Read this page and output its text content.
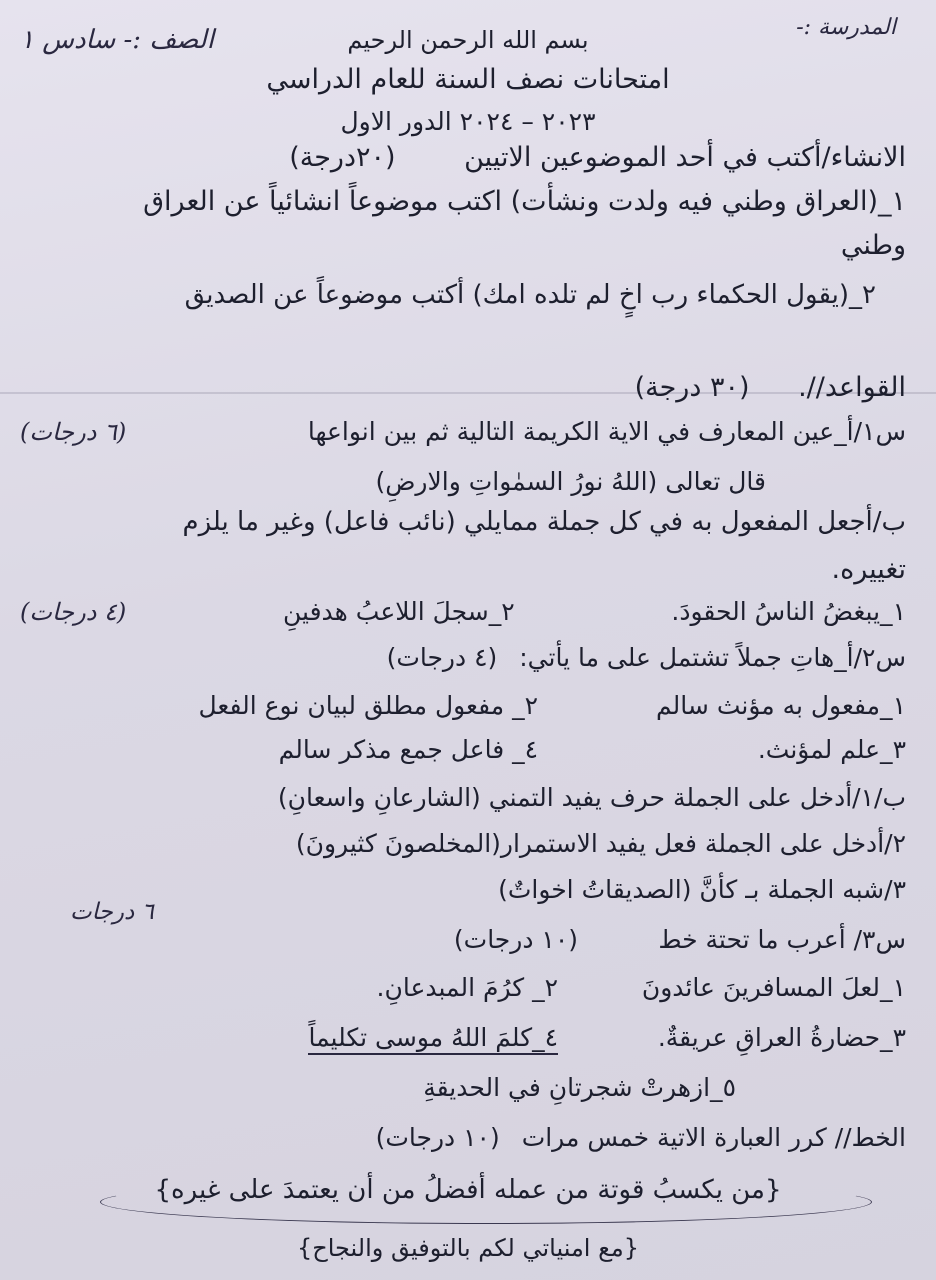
المدرسة :-
الصف :- سادس ١	بسم الله الرحمن الرحيم
امتحانات نصف السنة للعام الدراسي
٢٠٢٣ – ٢٠٢٤ الدور الاول
الانشاء/أكتب في أحد الموضوعين الاتيين (٢٠درجة)
١_(العراق وطني فيه ولدت ونشأت) اكتب موضوعاً انشائياً عن العراق
وطني
٢_(يقول الحكماء رب اخٍ لم تلده امك) أكتب موضوعاً عن الصديق
القواعد//. (٣٠ درجة)
س١/أ_عين المعارف في الاية الكريمة التالية ثم بين انواعها
(٦ درجات)
قال تعالى (اللهُ نورُ السمٰواتِ والارضِ)
ب/أجعل المفعول به في كل جملة ممايلي (نائب فاعل) وغير ما يلزم
تغييره.
١_يبغضُ الناسُ الحقودَ.
٢_سجلَ اللاعبُ هدفينِ
(٤ درجات)
س٢/أ_هاتِ جملاً تشتمل على ما يأتي: (٤ درجات)
١_مفعول به مؤنث سالم ٢_ مفعول مطلق لبيان نوع الفعل
٣_علم لمؤنث. ٤_ فاعل جمع مذكر سالم
ب/١/أدخل على الجملة حرف يفيد التمني (الشارعانِ واسعانِ)
٢/أدخل على الجملة فعل يفيد الاستمرار(المخلصونَ كثيرونَ)
٣/شبه الجملة بـ كأنَّ (الصديقاتُ اخواتٌ)
٦ درجات
س٣/ أعرب ما تحتة خط (١٠ درجات)
١_لعلَ المسافرينَ عائدونَ ٢_ كرُمَ المبدعانِ.
٣_حضارةُ العراقِ عريقةٌ. ٤_كلمَ اللهُ موسى تكليماً
٥_ازهرتْ شجرتانِ في الحديقةِ
الخط// كرر العبارة الاتية خمس مرات (١٠ درجات)
{من يكسبُ قوتة من عمله أفضلُ من أن يعتمدَ على غيره}
{مع امنياتي لكم بالتوفيق والنجاح}
